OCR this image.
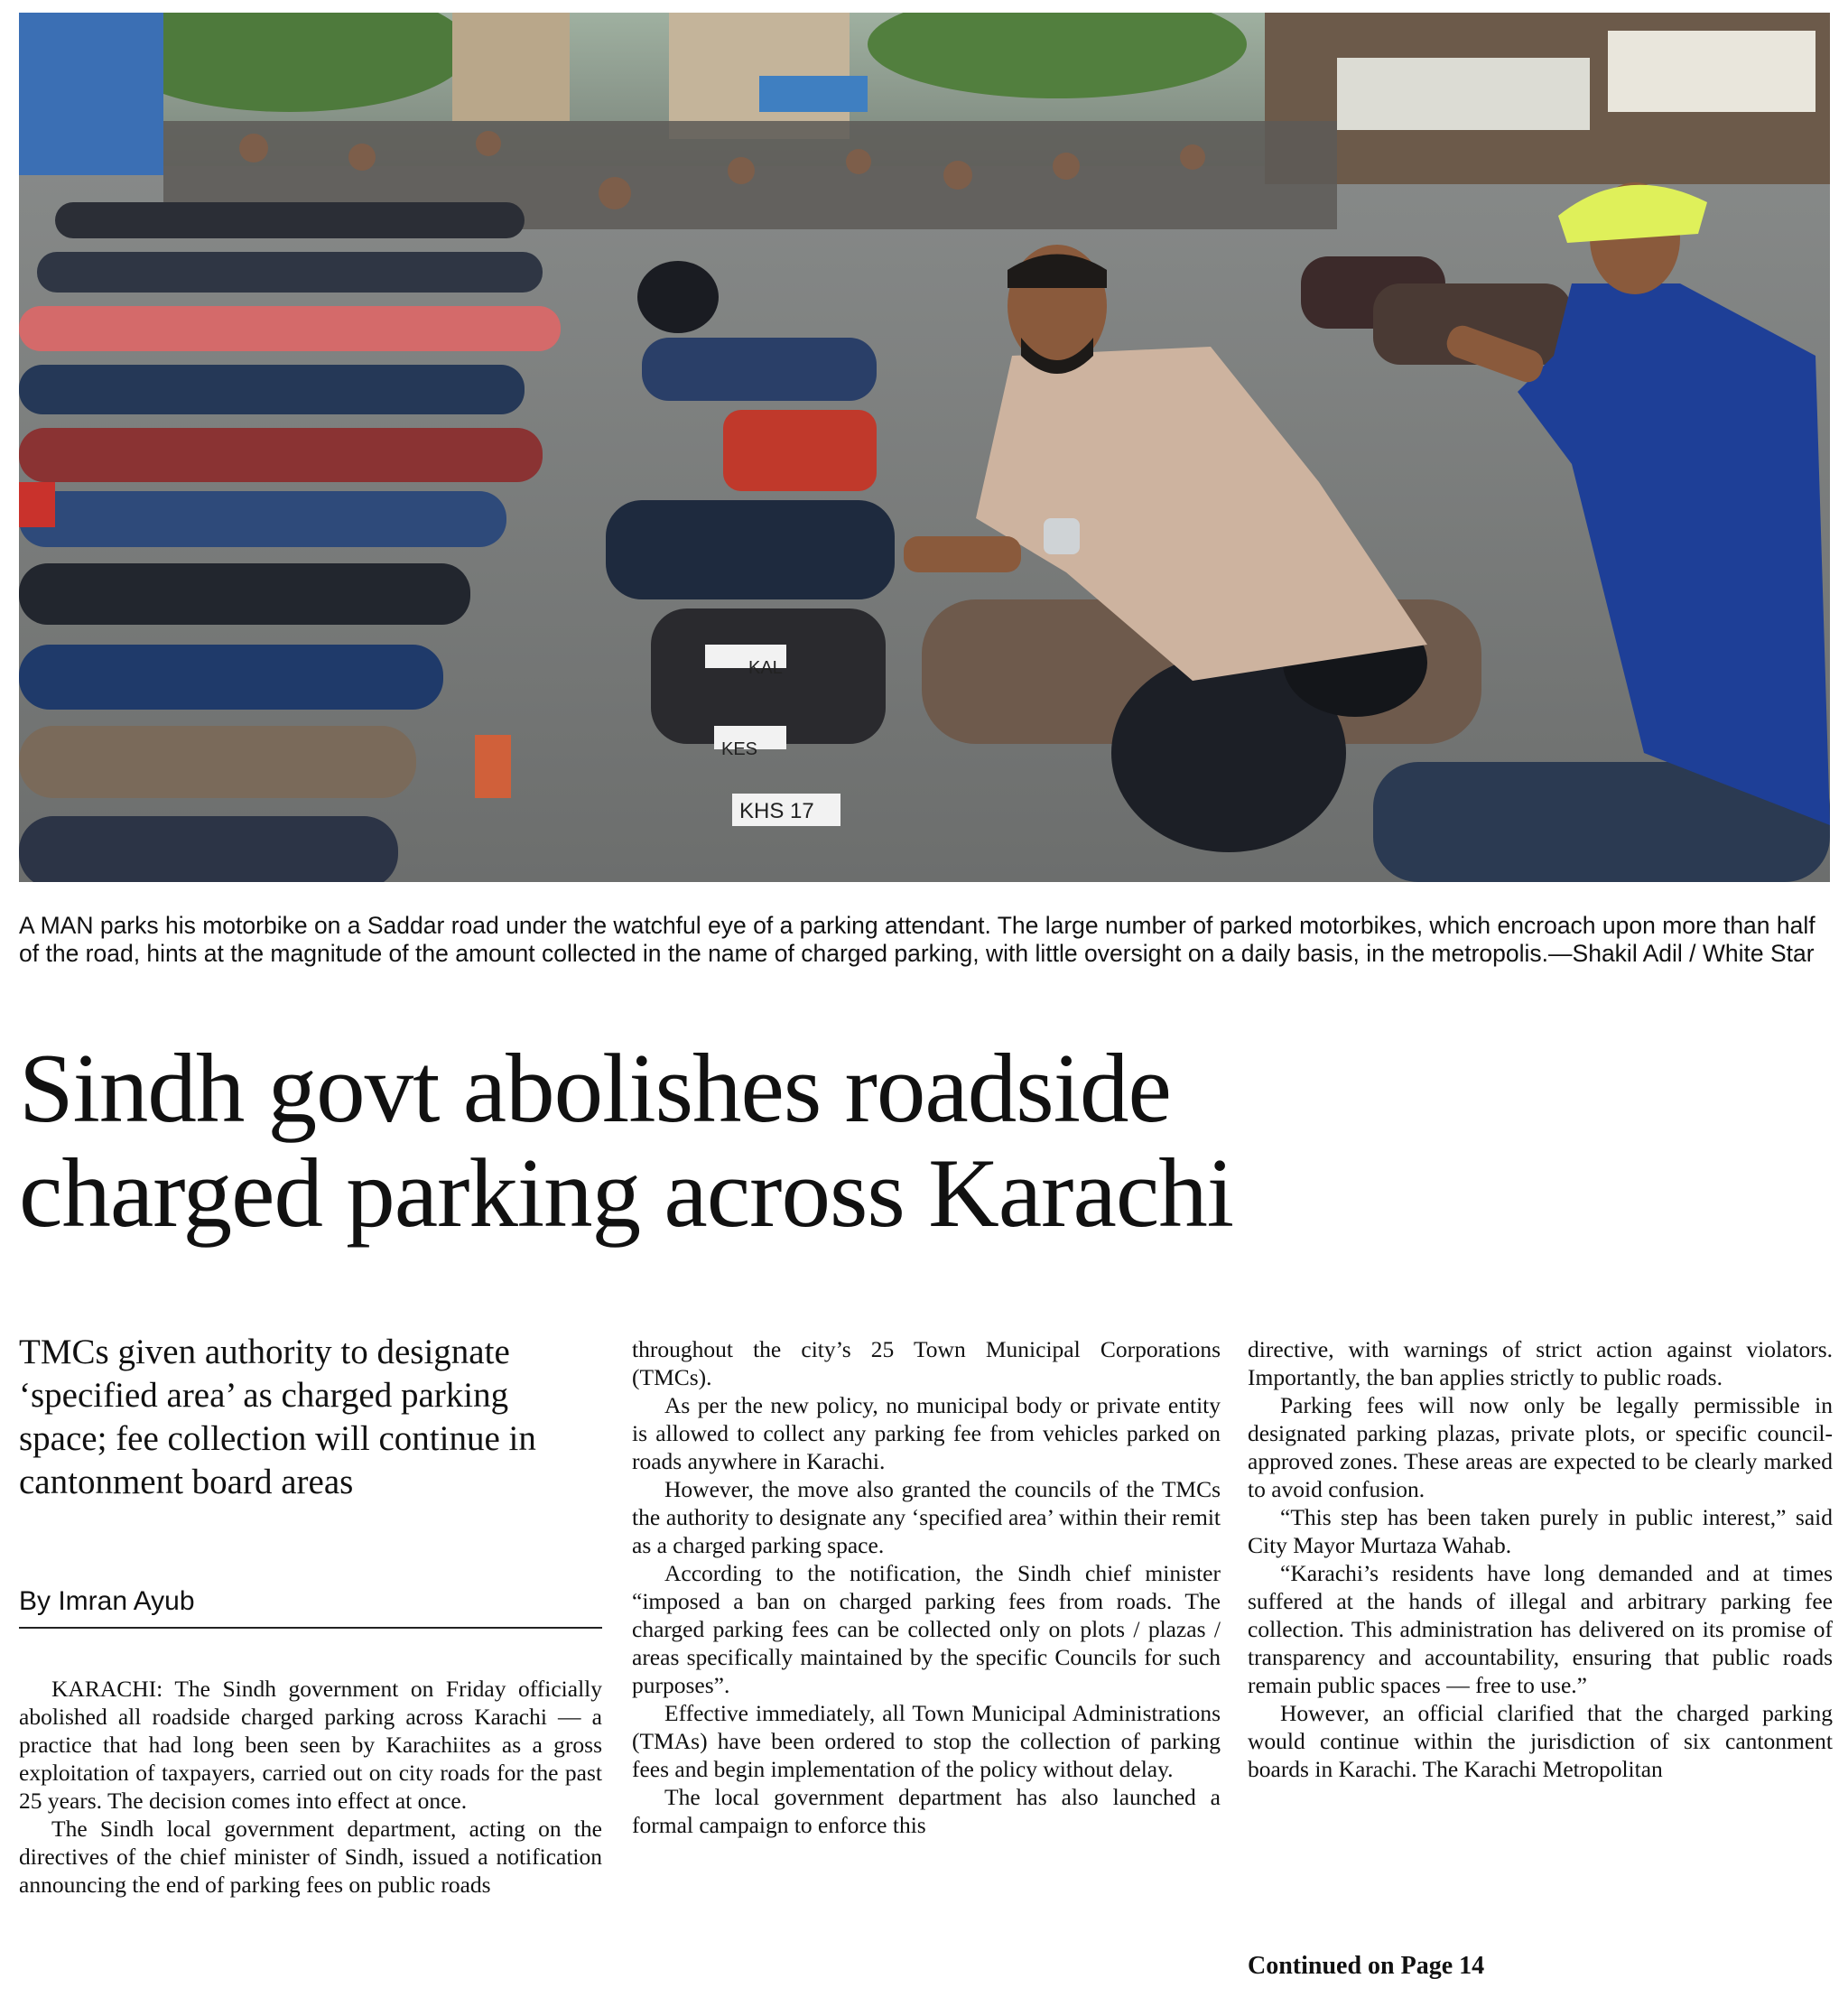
KAL
KES
KHS 17
A MAN parks his motorbike on a Saddar road under the watchful eye of a parking attendant. The large number of parked motorbikes, which encroach upon more than half of the road, hints at the magnitude of the amount collected in the name of charged parking, with little oversight on a daily basis, in the metropolis.—Shakil Adil / White Star
Sindh govt abolishes roadside
charged parking across Karachi
TMCs given authority to designate ‘specified area’ as charged parking space; fee collection will continue in cantonment board areas
By Imran Ayub

KARACHI: The Sindh government on Friday officially abolished all roadside charged parking across Karachi — a practice that had long been seen by Karachiites as a gross exploitation of taxpayers, carried out on city roads for the past 25 years. The decision comes into effect at once.

The Sindh local government department, acting on the directives of the chief minister of Sindh, issued a notification announcing the end of parking fees on public roads

throughout the city’s 25 Town Municipal Corporations (TMCs).

As per the new policy, no municipal body or private entity is allowed to collect any parking fee from vehicles parked on roads anywhere in Karachi.

However, the move also granted the councils of the TMCs the authority to designate any ‘specified area’ within their remit as a charged parking space.

According to the notification, the Sindh chief minister “imposed a ban on charged parking fees from roads. The charged parking fees can be collected only on plots / plazas / areas specifically maintained by the specific Councils for such purposes”.

Effective immediately, all Town Municipal Administrations (TMAs) have been ordered to stop the collection of parking fees and begin implementation of the policy without delay.

The local government department has also launched a formal campaign to enforce this

directive, with warnings of strict action against violators. Importantly, the ban applies strictly to public roads.

Parking fees will now only be legally permissible in designated parking plazas, private plots, or specific council-approved zones. These areas are expected to be clearly marked to avoid confusion.

“This step has been taken purely in public interest,” said City Mayor Murtaza Wahab.

“Karachi’s residents have long demanded and at times suffered at the hands of illegal and arbitrary parking fee collection. This administration has delivered on its promise of transparency and accountability, ensuring that public roads remain public spaces — free to use.”

However, an official clarified that the charged parking would continue within the jurisdiction of six cantonment boards in Karachi. The Karachi Metropolitan

Continued on Page 14
